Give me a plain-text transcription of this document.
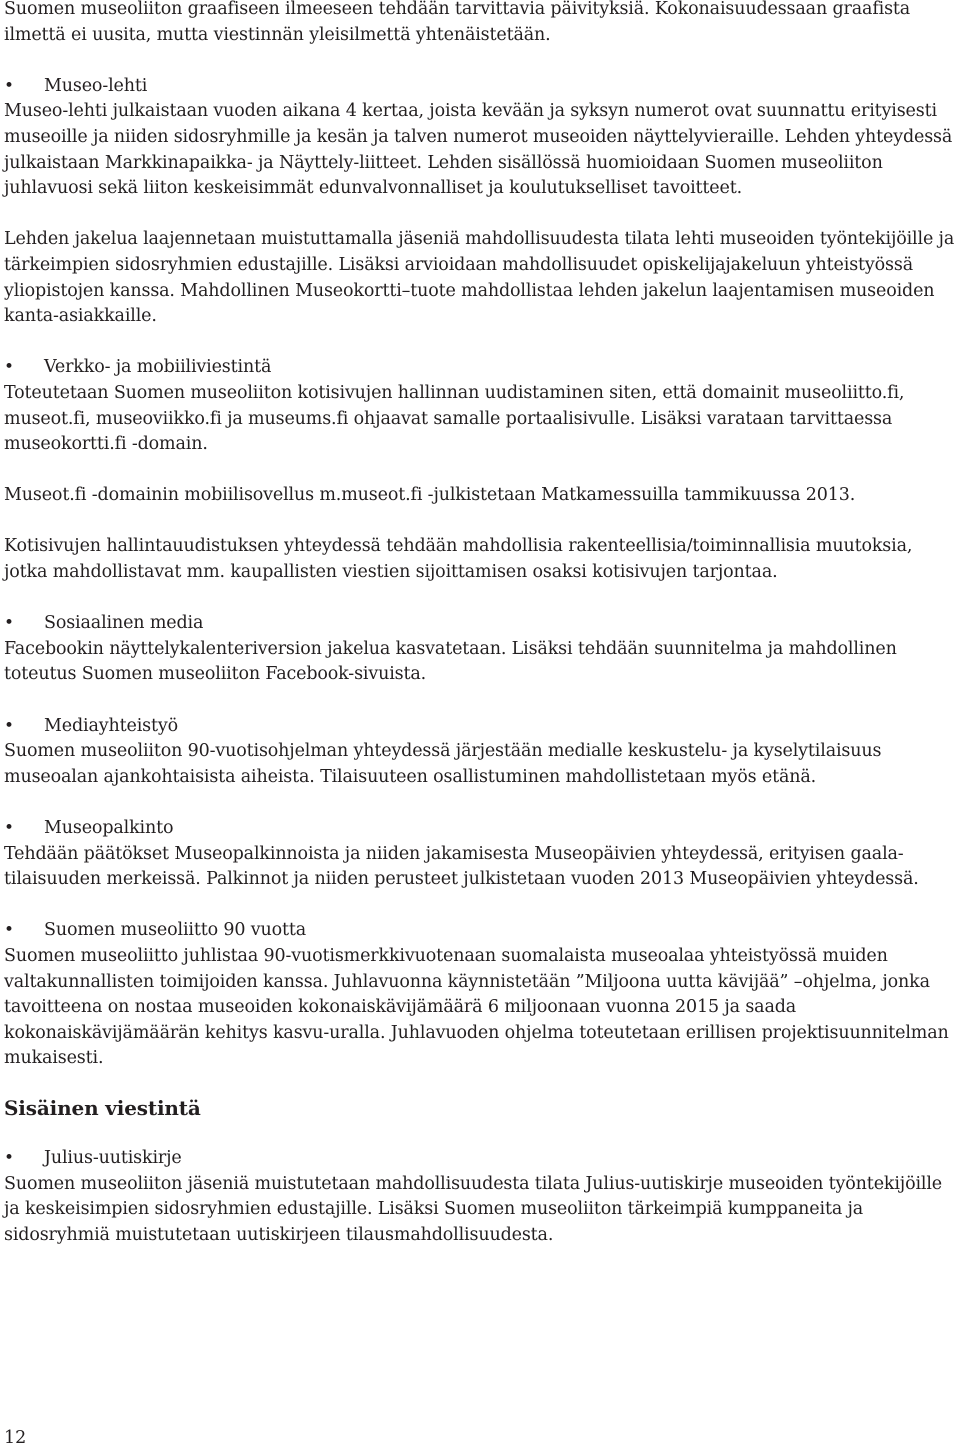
Suomen museoliiton graafiseen ilmeeseen tehdään tarvittavia päivityksiä. Kokonaisuudessaan graafista ilmettä ei uusita, mutta viestinnän yleisilmettä yhtenäistetään.

•	Museo-lehti

Museo-lehti julkaistaan vuoden aikana 4 kertaa, joista kevään ja syksyn numerot ovat suunnattu erityisesti museoille ja niiden sidosryhmille ja kesän ja talven numerot museoiden näyttelyvieraille. Lehden yhteydessä julkaistaan Markkinapaikka- ja Näyttely-liitteet. Lehden sisällössä huomioidaan Suomen museoliiton juhlavuosi sekä liiton keskeisimmät edunvalvonnalliset ja koulutukselliset tavoitteet.

Lehden jakelua laajennetaan muistuttamalla jäseniä mahdollisuudesta tilata lehti museoiden työntekijöille ja tärkeimpien sidosryhmien edustajille. Lisäksi arvioidaan mahdollisuudet opiskelijajakeluun yhteistyössä yliopistojen kanssa. Mahdollinen Museokortti–tuote mahdollistaa lehden jakelun laajentamisen museoiden kanta-asiakkaille.

•	Verkko- ja mobiiliviestintä

Toteutetaan Suomen museoliiton kotisivujen hallinnan uudistaminen siten, että domainit museoliitto.fi, museot.fi, museoviikko.fi ja museums.fi ohjaavat samalle portaalisivulle. Lisäksi varataan tarvittaessa museokortti.fi -domain.

Museot.fi -domainin mobiilisovellus m.museot.fi -julkistetaan Matkamessuilla tammikuussa 2013.

Kotisivujen hallintauudistuksen yhteydessä tehdään mahdollisia rakenteellisia/toiminnallisia muutoksia, jotka mahdollistavat mm. kaupallisten viestien sijoittamisen osaksi kotisivujen tarjontaa.

•	Sosiaalinen media

Facebookin näyttelykalenteriversion jakelua kasvatetaan. Lisäksi tehdään suunnitelma ja mahdollinen toteutus Suomen museoliiton Facebook-sivuista.

•	Mediayhteistyö

Suomen museoliiton 90-vuotisohjelman yhteydessä järjestään medialle keskustelu- ja kyselytilaisuus museoalan ajankohtaisista aiheista. Tilaisuuteen osallistuminen mahdollistetaan myös etänä.

•	Museopalkinto

Tehdään päätökset Museopalkinnoista ja niiden jakamisesta Museopäivien yhteydessä, erityisen gaala-tilaisuuden merkeissä. Palkinnot ja niiden perusteet julkistetaan vuoden 2013 Museopäivien yhteydessä.

•	Suomen museoliitto 90 vuotta

Suomen museoliitto juhlistaa 90-vuotismerkkivuotenaan suomalaista museoalaa yhteistyössä muiden valtakunnallisten toimijoiden kanssa. Juhlavuonna käynnistetään ”Miljoona uutta kävijää” –ohjelma, jonka tavoitteena on nostaa museoiden kokonaiskävijämäärä 6 miljoonaan vuonna 2015 ja saada kokonaiskävijämäärän kehitys kasvu-uralla. Juhlavuoden ohjelma toteutetaan erillisen projektisuunnitelman mukaisesti.

Sisäinen viestintä
•	Julius-uutiskirje

Suomen museoliiton jäseniä muistutetaan mahdollisuudesta tilata Julius-uutiskirje museoiden työntekijöille ja keskeisimpien sidosryhmien edustajille. Lisäksi Suomen museoliiton tärkeimpiä kumppaneita ja sidosryhmiä muistutetaan uutiskirjeen tilausmahdollisuudesta.

12
